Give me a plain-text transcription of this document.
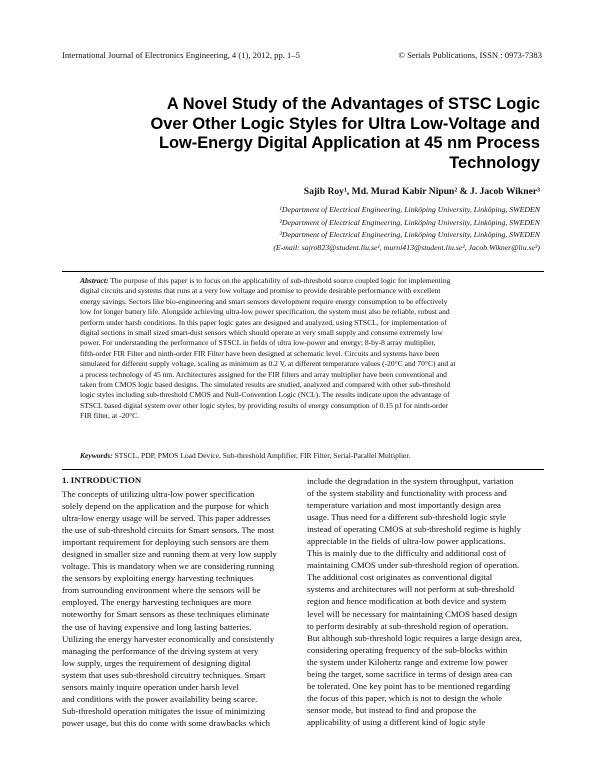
International Journal of Electronics Engineering, 4 (1), 2012, pp. 1–5	© Serials Publications, ISSN : 0973-7383
A Novel Study of the Advantages of STSC Logic
Over Other Logic Styles for Ultra Low-Voltage and
Low-Energy Digital Application at 45 nm Process
Technology
Sajib Roy¹, Md. Murad Kabir Nipun² & J. Jacob Wikner³
¹Department of Electrical Engineering, Linköping University, Linköping, SWEDEN
²Department of Electrical Engineering, Linköping University, Linköping, SWEDEN
³Department of Electrical Engineering, Linköping University, Linköping, SWEDEN
(E-mail: sajro823@student.liu.se¹, murni413@student.liu.se², Jacob.Wikner@liu.se³)
Abstract: The purpose of this paper is to focus on the applicability of sub-threshold source coupled logic for implementing
digital circuits and systems that runs at a very low voltage and promise to provide desirable performance with excellent
energy savings. Sectors like bio-engineering and smart sensors development require energy consumption to be effectively
low for longer battery life. Alongside achieving ultra-low power specification, the system must also be reliable, robust and
perform under harsh conditions. In this paper logic gates are designed and analyzed, using STSCL, for implementation of
digital sections in small sized smart-dust sensors which should operate at very small supply and consume extremely low
power. For understanding the performance of STSCL in fields of ultra low-power and energy; 8-by-8 array multiplier,
fifth-order FIR Filter and ninth-order FIR Filter have been designed at schematic level. Circuits and systems have been
simulated for different supply voltage, scaling as minimum as 0.2 V, at different temperature values (-20°C and 70°C) and at
a process technology of 45 nm. Architectures assigned for the FIR filters and array multiplier have been conventional and
taken from CMOS logic based designs. The simulated results are studied, analyzed and compared with other sub-threshold
logic styles including sub-threshold CMOS and Null-Convention Logic (NCL). The results indicate upon the advantage of
STSCL based digital system over other logic styles, by providing results of energy consumption of 0.15 pJ for ninth-order
FIR filter, at -20°C.
Keywords: STSCL, PDP, PMOS Load Device, Sub-threshold Amplifier, FIR Filter, Serial-Parallel Multiplier.
1. INTRODUCTION
The concepts of utilizing ultra-low power specification
solely depend on the application and the purpose for which
ultra-low energy usage will be served. This paper addresses
the use of sub-threshold circuits for Smart sensors. The most
important requirement for deploying such sensors are them
designed in smaller size and running them at very low supply
voltage. This is mandatory when we are considering running
the sensors by exploiting energy harvesting techniques
from surrounding environment where the sensors will be
employed. The energy harvesting techniques are more
noteworthy for Smart sensors as these techniques eliminate
the use of having expensive and long lasting batteries.
Utilizing the energy harvester economically and consistently
managing the performance of the driving system at very
low supply, urges the requirement of designing digital
system that uses sub-threshold circuitry techniques. Smart
sensors mainly inquire operation under harsh level
and conditions with the power availability being scarce.
Sub-threshold operation mitigates the issue of minimizing
power usage, but this do come with some drawbacks which
include the degradation in the system throughput, variation
of the system stability and functionality with process and
temperature variation and most importantly design area
usage. Thus need for a different sub-threshold logic style
instead of operating CMOS at sub-threshold regime is highly
appreciable in the fields of ultra-low power applications.
This is mainly due to the difficulty and additional cost of
maintaining CMOS under sub-threshold region of operation.
The additional cost originates as conventional digital
systems and architectures will not perform at sub-threshold
region and hence modification at both device and system
level will be necessary for maintaining CMOS based design
to perform desirably at sub-threshold region of operation.
But although sub-threshold logic requires a large design area,
considering operating frequency of the sub-blocks within
the system under Kilohertz range and extreme low power
being the target, some sacrifice in terms of design area can
be tolerated. One key point has to be mentioned regarding
the focus of this paper, which is not to design the whole
sensor mode, but instead to find and propose the
applicability of using a different kind of logic style
